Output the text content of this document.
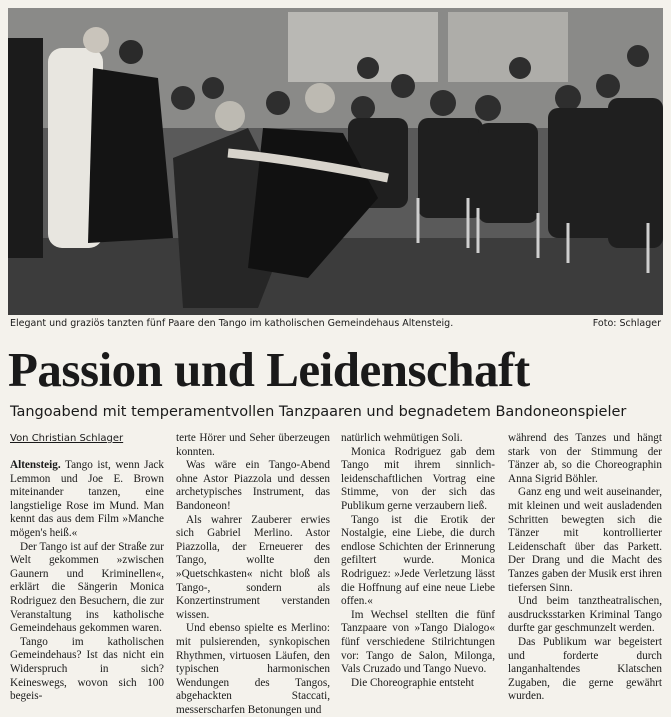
Elegant und graziös tanzten fünf Paare den Tango im katholischen Gemeindehaus Altensteig.	Foto: Schlager
Passion und Leidenschaft
Tangoabend mit temperamentvollen Tanzpaaren und begnadetem Bandoneonspieler
Von Christian Schlager

Altensteig. Tango ist, wenn Jack Lemmon und Joe E. Brown miteinander tanzen, eine langstielige Rose im Mund. Man kennt das aus dem Film »Manche mögen's heiß.«

Der Tango ist auf der Straße zur Welt gekommen »zwischen Gaunern und Kriminellen«, erklärt die Sängerin Monica Rodriguez den Besuchern, die zur Veranstaltung ins katholische Gemeindehaus gekommen waren.

Tango im katholischen Gemeindehaus? Ist das nicht ein Widerspruch in sich? Keineswegs, wovon sich 100 begeis-

terte Hörer und Seher überzeugen konnten.

Was wäre ein Tango-Abend ohne Astor Piazzola und dessen archetypisches Instrument, das Bandoneon!

Als wahrer Zauberer erwies sich Gabriel Merlino. Astor Piazzolla, der Erneuerer des Tango, wollte den »Quetschkasten« nicht bloß als Tango-, sondern als Konzertinstrument verstanden wissen.

Und ebenso spielte es Merlino: mit pulsierenden, synkopischen Rhythmen, virtuosen Läufen, den typischen harmonischen Wendungen des Tangos, abgehackten Staccati, messerscharfen Betonungen und

natürlich wehmütigen Soli.

Monica Rodriguez gab dem Tango mit ihrem sinnlich-leidenschaftlichen Vortrag eine Stimme, von der sich das Publikum gerne verzaubern ließ.

Tango ist die Erotik der Nostalgie, eine Liebe, die durch endlose Schichten der Erinnerung gefiltert wurde. Monica Rodriguez: »Jede Verletzung lässt die Hoffnung auf eine neue Liebe offen.«

Im Wechsel stellten die fünf Tanzpaare von »Tango Dialogo« fünf verschiedene Stilrichtungen vor: Tango de Salon, Milonga, Vals Cruzado und Tango Nuevo.

Die Choreographie entsteht

während des Tanzes und hängt stark von der Stimmung der Tänzer ab, so die Choreographin Anna Sigrid Böhler.

Ganz eng und weit auseinander, mit kleinen und weit ausladenden Schritten bewegten sich die Tänzer mit kontrollierter Leidenschaft über das Parkett. Der Drang und die Macht des Tanzes gaben der Musik erst ihren tiefersen Sinn.

Und beim tanztheatralischen, ausdrucksstarken Kriminal Tango durfte gar geschmunzelt werden.

Das Publikum war begeistert und forderte durch langanhaltendes Klatschen Zugaben, die gerne gewährt wurden.
